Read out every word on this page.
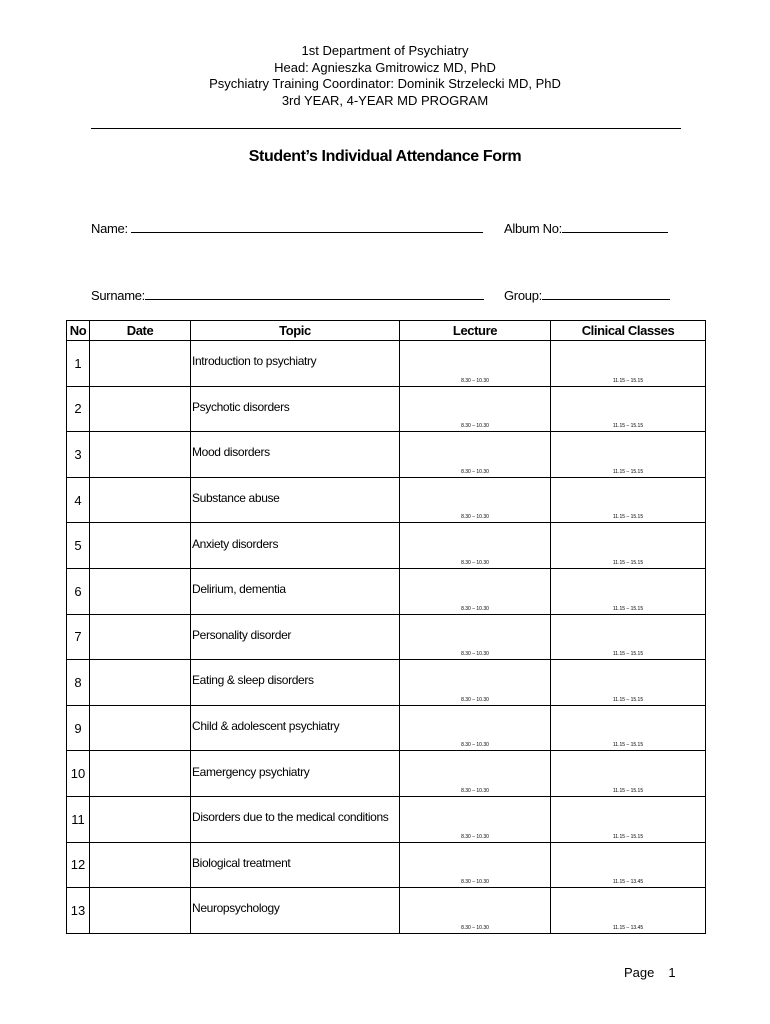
1st Department of Psychiatry
Head: Agnieszka Gmitrowicz MD, PhD
Psychiatry Training Coordinator: Dominik Strzelecki MD, PhD
3rd YEAR, 4-YEAR MD PROGRAM
Student’s Individual Attendance Form
Name:	Album No:
Surname:	Group:
No	Date	Topic	Lecture	Clinical Classes
1		Introduction to psychiatry	8.30 – 10.30	11.15 – 15.15
2		Psychotic disorders	8.30 – 10.30	11.15 – 15.15
3		Mood disorders	8.30 – 10.30	11.15 – 15.15
4		Substance abuse	8.30 – 10.30	11.15 – 15.15
5		Anxiety disorders	8.30 – 10.30	11.15 – 15.15
6		Delirium, dementia	8.30 – 10.30	11.15 – 15.15
7		Personality disorder	8.30 – 10.30	11.15 – 15.15
8		Eating & sleep disorders	8.30 – 10.30	11.15 – 15.15
9		Child & adolescent psychiatry	8.30 – 10.30	11.15 – 15.15
10		Eamergency psychiatry	8.30 – 10.30	11.15 – 15.15
11		Disorders due to the medical conditions	8.30 – 10.30	11.15 – 15.15
12		Biological treatment	8.30 – 10.30	11.15 – 13.45
13		Neuropsychology	8.30 – 10.30	11.15 – 13.45
Page 1
